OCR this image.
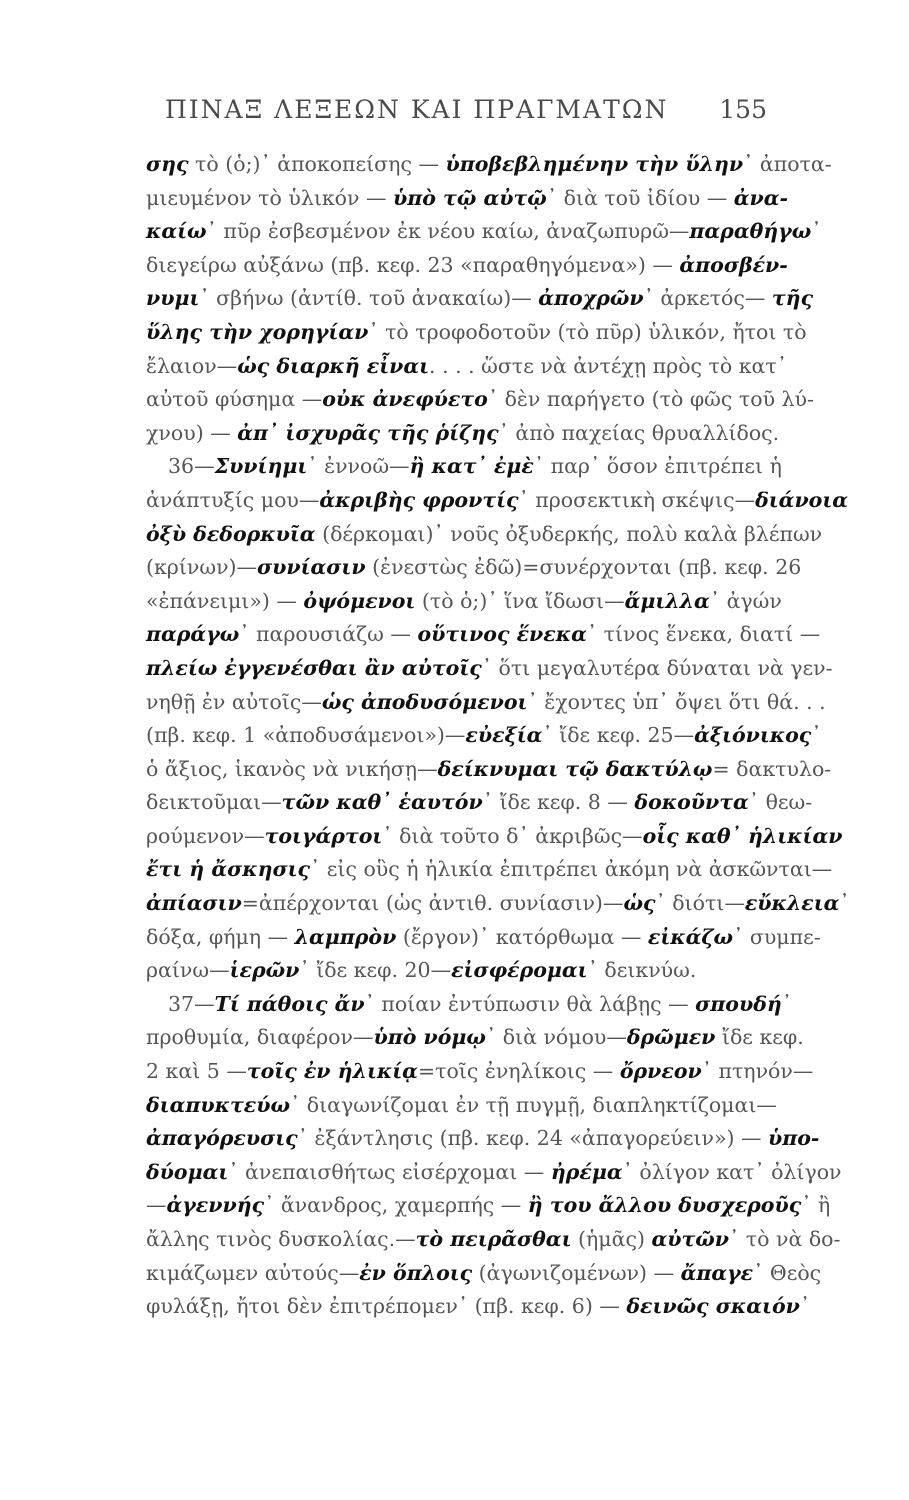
ΠΙΝΑΞ ΛΕΞΕΩΝ ΚΑΙ ΠΡΑΓΜΑΤΩΝ 155
σης τὸ (ὁ;)᾽ ἀποκοπείσης — ὑποβεβλημένην τὴν ὕλην᾽ ἀποτα-
μιευμένον τὸ ὑλικόν — ὑπὸ τῷ αὐτῷ᾽ διὰ τοῦ ἰδίου — ἀνα-
καίω᾽ πῦρ ἐσβεσμένον ἐκ νέου καίω, ἀναζωπυρῶ—παραθήγω᾽
διεγείρω αὐξάνω (πβ. κεφ. 23 «παραθηγόμενα») — ἀποσβέν-
νυμι᾽ σβήνω (ἀντίθ. τοῦ ἀνακαίω)— ἀποχρῶν᾽ ἀρκετός— τῆς
ὕλης τὴν χορηγίαν᾽ τὸ τροφοδοτοῦν (τὸ πῦρ) ὑλικόν, ἤτοι τὸ
ἔλαιον—ὡς διαρκῆ εἶναι. . . . ὥστε νὰ ἀντέχῃ πρὸς τὸ κατ᾽
αὐτοῦ φύσημα —οὐκ ἀνεφύετο᾽ δὲν παρήγετο (τὸ φῶς τοῦ λύ-
χνου) — ἀπ᾽ ἰσχυρᾶς τῆς ῥίζης᾽ ἀπὸ παχείας θρυαλλίδος.
36—Συνίημι᾽ ἐννοῶ—ἢ κατ᾽ ἐμὲ᾽ παρ᾽ ὅσον ἐπιτρέπει ἡ
ἀνάπτυξίς μου—ἀκριβὴς φροντίς᾽ προσεκτικὴ σκέψις—διάνοια
ὀξὺ δεδορκυῖα (δέρκομαι)᾽ νοῦς ὀξυδερκής, πολὺ καλὰ βλέπων
(κρίνων)—συνίασιν (ἐνεστὼς ἐδῶ)=συνέρχονται (πβ. κεφ. 26
«ἐπάνειμι») — ὀψόμενοι (τὸ ὁ;)᾽ ἵνα ἴδωσι—ἅμιλλα᾽ ἀγών
παράγω᾽ παρουσιάζω — οὕτινος ἕνεκα᾽ τίνος ἕνεκα, διατί —
πλείω ἐγγενέσθαι ἂν αὐτοῖς᾽ ὅτι μεγαλυτέρα δύναται νὰ γεν-
νηθῇ ἐν αὐτοῖς—ὡς ἀποδυσόμενοι᾽ ἔχοντες ὑπ᾽ ὄψει ὅτι θά. . .
(πβ. κεφ. 1 «ἀποδυσάμενοι»)—εὐεξία᾽ ἴδε κεφ. 25—ἀξιόνικος᾽
ὁ ἄξιος, ἱκανὸς νὰ νικήσῃ—δείκνυμαι τῷ δακτύλῳ= δακτυλο-
δεικτοῦμαι—τῶν καθ᾽ ἑαυτόν᾽ ἴδε κεφ. 8 — δοκοῦντα᾽ θεω-
ρούμενον—τοιγάρτοι᾽ διὰ τοῦτο δ᾽ ἀκριβῶς—οἷς καθ᾽ ἡλικίαν
ἔτι ἡ ἄσκησις᾽ εἰς οὓς ἡ ἡλικία ἐπιτρέπει ἀκόμη νὰ ἀσκῶνται—
ἀπίασιν=ἀπέρχονται (ὡς ἀντιθ. συνίασιν)—ὡς᾽ διότι—εὔκλεια᾽
δόξα, φήμη — λαμπρὸν (ἔργον)᾽ κατόρθωμα — εἰκάζω᾽ συμπε-
ραίνω—ἱερῶν᾽ ἴδε κεφ. 20—εἰσφέρομαι᾽ δεικνύω.
37—Τί πάθοις ἄν᾽ ποίαν ἐντύπωσιν θὰ λάβῃς — σπουδή᾽
προθυμία, διαφέρον—ὑπὸ νόμῳ᾽ διὰ νόμου—δρῶμεν ἴδε κεφ.
2 καὶ 5 —τοῖς ἐν ἡλικίᾳ=τοῖς ἐνηλίκοις — ὄρνεον᾽ πτηνόν—
διαπυκτεύω᾽ διαγωνίζομαι ἐν τῇ πυγμῇ, διαπληκτίζομαι—
ἀπαγόρευσις᾽ ἐξάντλησις (πβ. κεφ. 24 «ἀπαγορεύειν») — ὑπο-
δύομαι᾽ ἀνεπαισθήτως εἰσέρχομαι — ἠρέμα᾽ ὀλίγον κατ᾽ ὀλίγον
—ἀγεννής᾽ ἄνανδρος, χαμερπής — ἢ του ἄλλου δυσχεροῦς᾽ ἢ
ἄλλης τινὸς δυσκολίας.—τὸ πειρᾶσθαι (ἡμᾶς) αὐτῶν᾽ τὸ νὰ δο-
κιμάζωμεν αὐτούς—ἐν ὅπλοις (ἀγωνιζομένων) — ἄπαγε᾽ Θεὸς
φυλάξῃ, ἤτοι δὲν ἐπιτρέπομεν᾽ (πβ. κεφ. 6) — δεινῶς σκαιόν᾽
